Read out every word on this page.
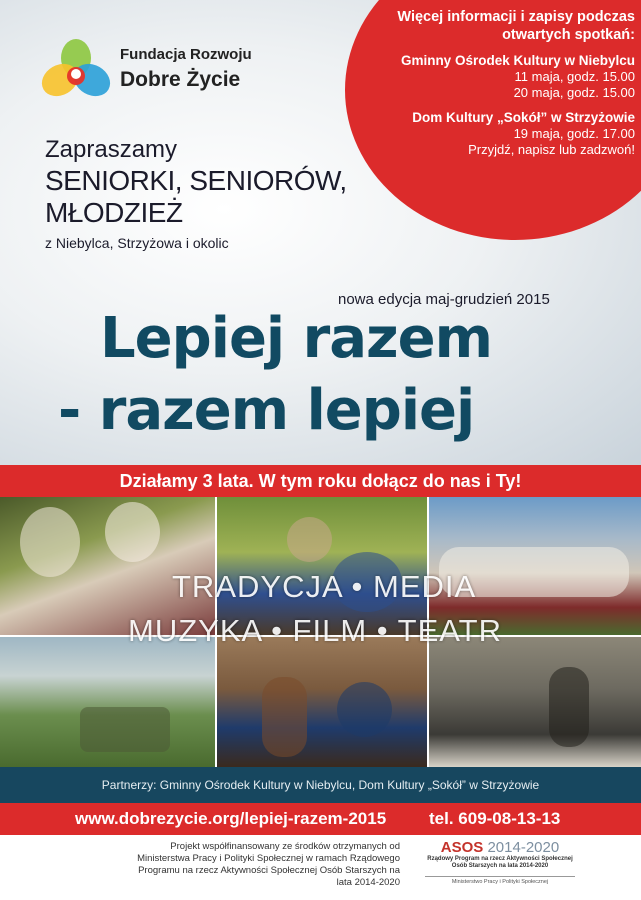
Więcej informacji i zapisy podczas otwartych spotkań:
Gminny Ośrodek Kultury w Niebylcu
11 maja, godz. 15.00
20 maja, godz. 15.00
Dom Kultury „Sokół” w Strzyżowie
19 maja, godz. 17.00
Przyjdź, napisz lub zadzwoń!
Fundacja Rozwoju
Dobre Życie
Zapraszamy
SENIORKI, SENIORÓW,
MŁODZIEŻ
z Niebylca, Strzyżowa i okolic
nowa edycja maj-grudzień 2015
Lepiej razem
- razem lepiej
Działamy 3 lata. W tym roku dołącz do nas i Ty!
TRADYCJA • MEDIA
MUZYKA • FILM • TEATR
Partnerzy: Gminny Ośrodek Kultury w Niebylcu, Dom Kultury „Sokół” w Strzyżowie
www.dobrezycie.org/lepiej-razem-2015	tel. 609-08-13-13
Projekt współfinansowany ze środków otrzymanych od Ministerstwa Pracy i Polityki Społecznej w ramach Rządowego Programu na rzecz Aktywności Społecznej Osób Starszych na lata 2014-2020
ASOS 2014-2020
Rządowy Program na rzecz Aktywności Społecznej Osób Starszych na lata 2014-2020
Ministerstwo Pracy i Polityki Społecznej
